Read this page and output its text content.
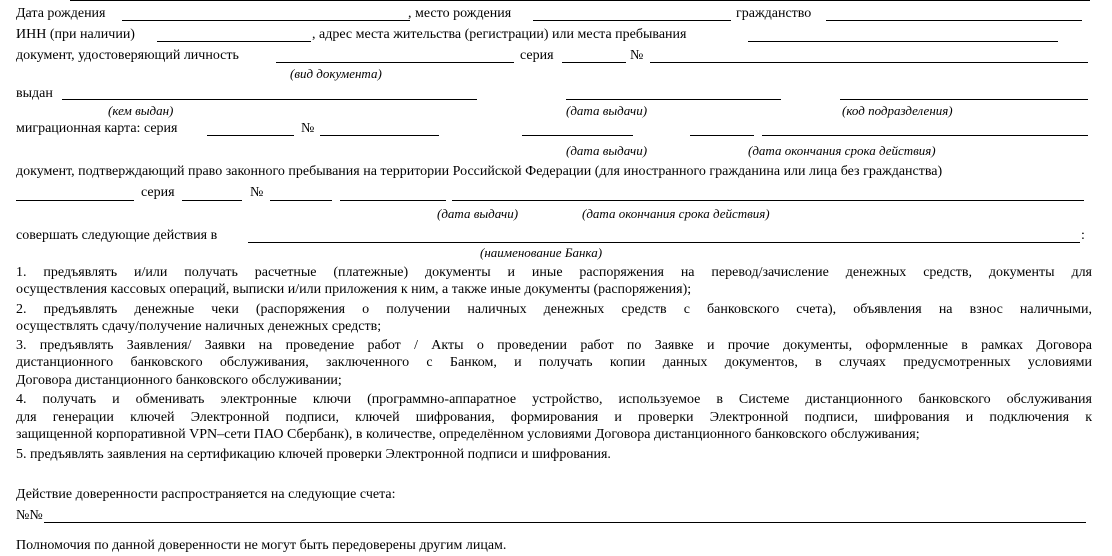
Дата рождения	, место рождения	гражданство
ИНН (при наличии)	, адрес места жительства (регистрации) или места пребывания
документ, удостоверяющий личность	серия	№
(вид документа)
выдан
(кем выдан)	(дата выдачи)	(код подразделения)
миграционная карта: серия	№
(дата выдачи)	(дата окончания срока действия)
документ, подтверждающий право законного пребывания на территории Российской Федерации (для иностранного гражданина или лица без гражданства)
серия	№
(дата выдачи)	(дата окончания срока действия)
совершать следующие действия в	:
(наименование Банка)
1. предъявлять и/или получать расчетные (платежные) документы и иные распоряжения на перевод/зачисление денежных средств, документы для
осуществления кассовых операций, выписки и/или приложения к ним, а также иные документы (распоряжения);
2. предъявлять денежные чеки (распоряжения о получении наличных денежных средств с банковского счета), объявления на взнос наличными,
осуществлять сдачу/получение наличных денежных средств;
3. предъявлять Заявления/ Заявки на проведение работ / Акты о проведении работ по Заявке и прочие документы, оформленные в рамках Договора
дистанционного банковского обслуживания, заключенного с Банком, и получать копии данных документов, в случаях предусмотренных условиями
Договора дистанционного банковского обслуживании;
4. получать и обменивать электронные ключи (программно-аппаратное устройство, используемое в Системе дистанционного банковского обслуживания
для генерации ключей Электронной подписи, ключей шифрования, формирования и проверки Электронной подписи, шифрования и подключения к
защищенной корпоративной VPN–сети ПАО Сбербанк), в количестве, определённом условиями Договора дистанционного банковского обслуживания;
5. предъявлять заявления на сертификацию ключей проверки Электронной подписи и шифрования.
Действие доверенности распространяется на следующие счета:
№№
Полномочия по данной доверенности не могут быть передоверены другим лицам.
